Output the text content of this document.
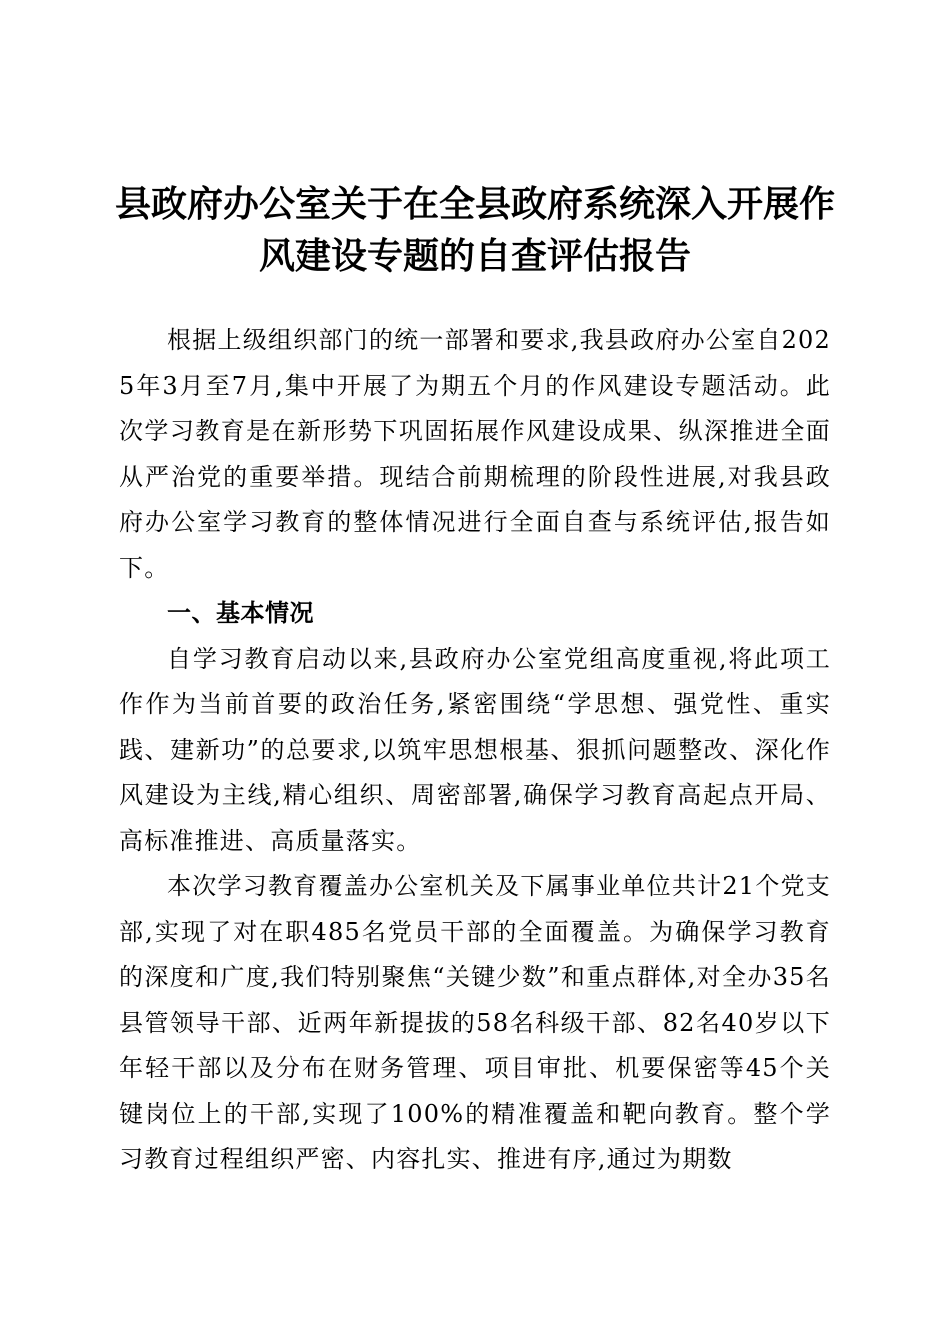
县政府办公室关于在全县政府系统深入开展作
风建设专题的自查评估报告

根据上级组织部门的统一部署和要求,我县政府办公室自2025年3月至7月,集中开展了为期五个月的作风建设专题活动。此次学习教育是在新形势下巩固拓展作风建设成果、纵深推进全面从严治党的重要举措。现结合前期梳理的阶段性进展,对我县政府办公室学习教育的整体情况进行全面自查与系统评估,报告如下。

一、基本情况

自学习教育启动以来,县政府办公室党组高度重视,将此项工作作为当前首要的政治任务,紧密围绕“学思想、强党性、重实践、建新功”的总要求,以筑牢思想根基、狠抓问题整改、深化作风建设为主线,精心组织、周密部署,确保学习教育高起点开局、高标准推进、高质量落实。

本次学习教育覆盖办公室机关及下属事业单位共计21个党支部,实现了对在职485名党员干部的全面覆盖。为确保学习教育的深度和广度,我们特别聚焦“关键少数”和重点群体,对全办35名县管领导干部、近两年新提拔的58名科级干部、82名40岁以下年轻干部以及分布在财务管理、项目审批、机要保密等45个关键岗位上的干部,实现了100%的精准覆盖和靶向教育。整个学习教育过程组织严密、内容扎实、推进有序,通过为期数
